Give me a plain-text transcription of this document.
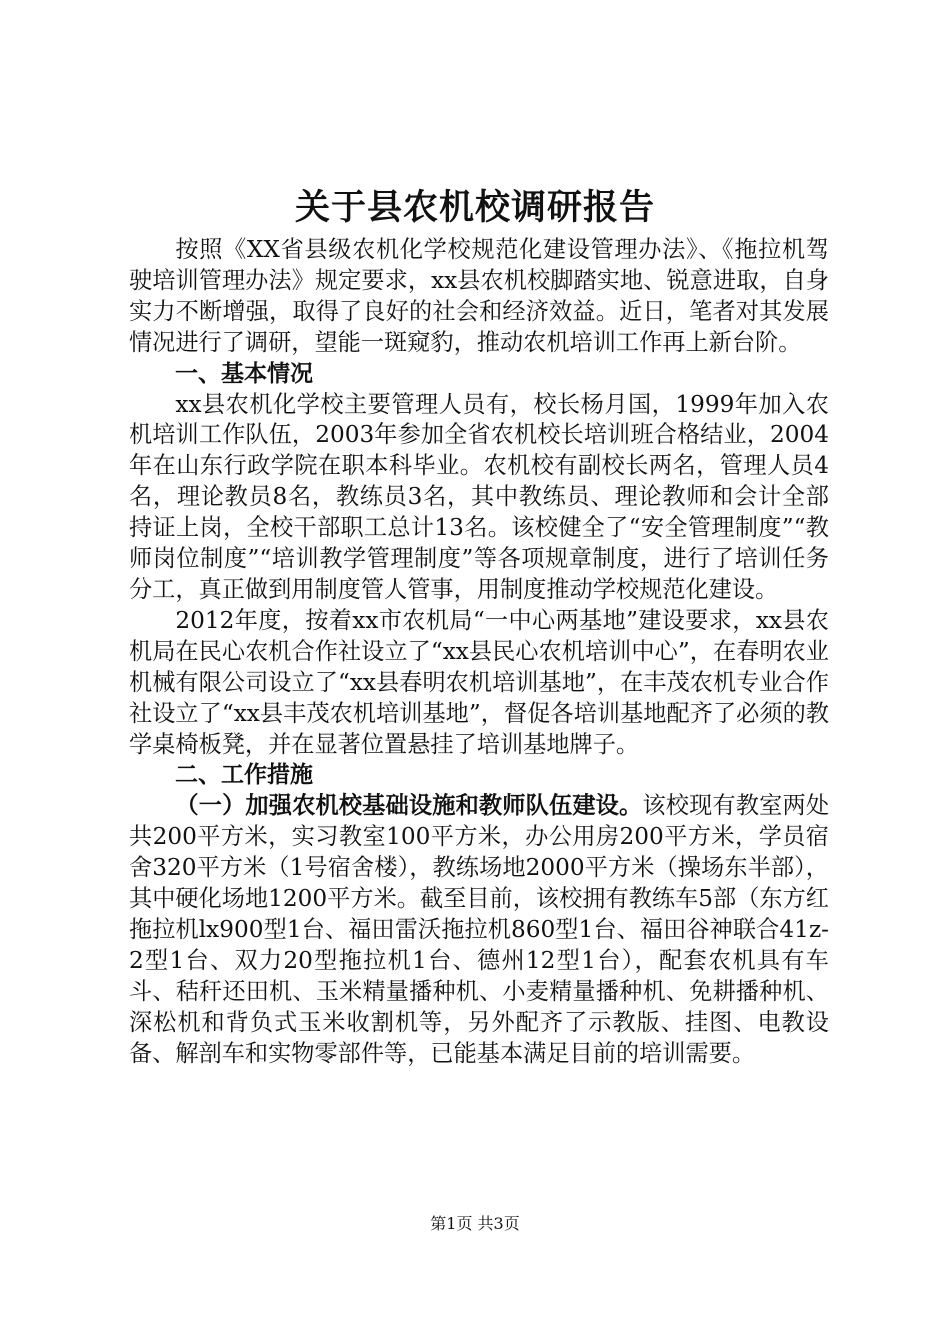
关于县农机校调研报告

按照《XX省县级农机化学校规范化建设管理办法》、《拖拉机驾驶培训管理办法》规定要求，xx县农机校脚踏实地、锐意进取，自身实力不断增强，取得了良好的社会和经济效益。近日，笔者对其发展情况进行了调研，望能一斑窥豹，推动农机培训工作再上新台阶。

一、基本情况

xx县农机化学校主要管理人员有，校长杨月国，1999年加入农机培训工作队伍，2003年参加全省农机校长培训班合格结业，2004年在山东行政学院在职本科毕业。农机校有副校长两名，管理人员4名，理论教员8名，教练员3名，其中教练员、理论教师和会计全部持证上岗，全校干部职工总计13名。该校健全了“安全管理制度”“教师岗位制度”“培训教学管理制度”等各项规章制度，进行了培训任务分工，真正做到用制度管人管事，用制度推动学校规范化建设。

2012年度，按着xx市农机局“一中心两基地”建设要求，xx县农机局在民心农机合作社设立了“xx县民心农机培训中心”，在春明农业机械有限公司设立了“xx县春明农机培训基地”，在丰茂农机专业合作社设立了“xx县丰茂农机培训基地”，督促各培训基地配齐了必须的教学桌椅板凳，并在显著位置悬挂了培训基地牌子。

二、工作措施

（一）加强农机校基础设施和教师队伍建设。该校现有教室两处共200平方米，实习教室100平方米，办公用房200平方米，学员宿舍320平方米（1号宿舍楼），教练场地2000平方米（操场东半部），其中硬化场地1200平方米。截至目前，该校拥有教练车5部（东方红拖拉机lx900型1台、福田雷沃拖拉机860型1台、福田谷神联合41z-2型1台、双力20型拖拉机1台、德州12型1台），配套农机具有车斗、秸秆还田机、玉米精量播种机、小麦精量播种机、免耕播种机、深松机和背负式玉米收割机等，另外配齐了示教版、挂图、电教设备、解剖车和实物零部件等，已能基本满足目前的培训需要。

第1页 共3页
